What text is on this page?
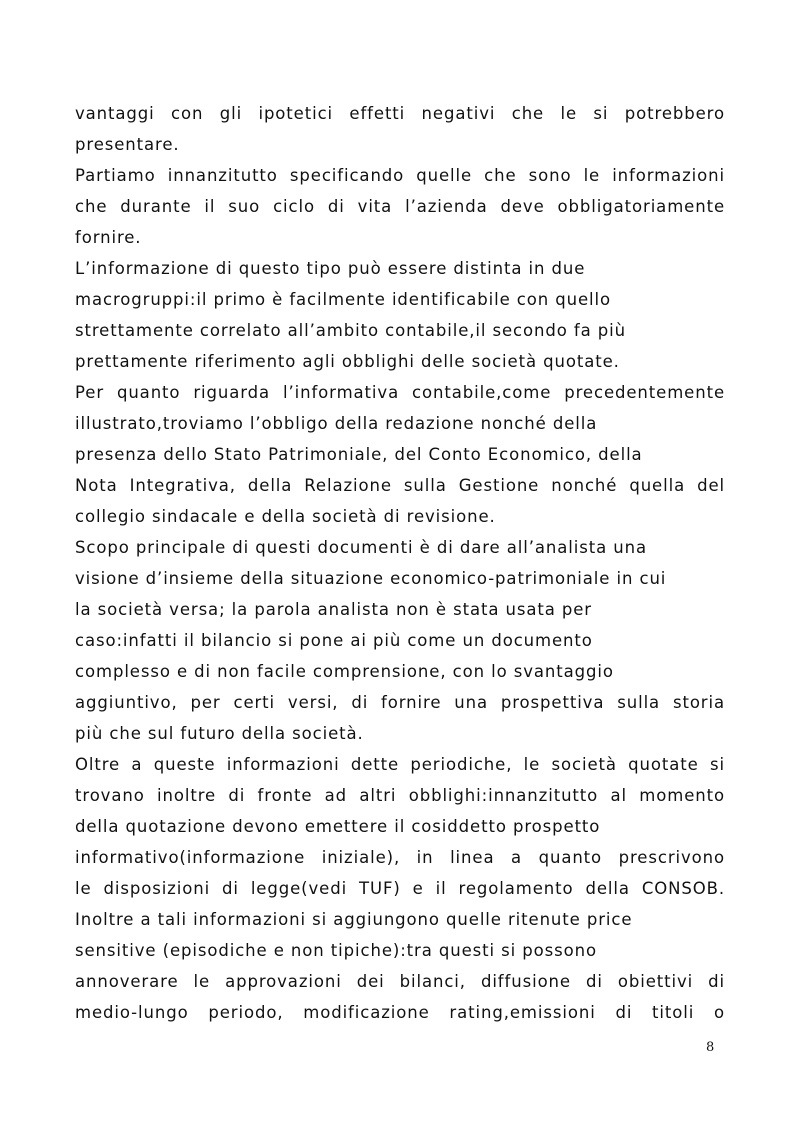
vantaggi con gli ipotetici effetti negativi che le si potrebbero
presentare.
Partiamo innanzitutto specificando quelle che sono le informazioni
che durante il suo ciclo di vita l’azienda deve obbligatoriamente
fornire.
L’informazione di questo tipo può essere distinta in due
macrogruppi:il primo è facilmente identificabile con quello
strettamente correlato all’ambito contabile,il secondo fa più
prettamente riferimento agli obblighi delle società quotate.
Per quanto riguarda l’informativa contabile,come precedentemente
illustrato,troviamo l’obbligo della redazione nonché della
presenza dello Stato Patrimoniale, del Conto Economico, della
Nota Integrativa, della Relazione sulla Gestione nonché quella del
collegio sindacale e della società di revisione.
Scopo principale di questi documenti è di dare all’analista una
visione d’insieme della situazione economico-patrimoniale in cui
la società versa; la parola analista non è stata usata per
caso:infatti il bilancio si pone ai più come un documento
complesso e di non facile comprensione, con lo svantaggio
aggiuntivo, per certi versi, di fornire una prospettiva sulla storia
più che sul futuro della società.
Oltre a queste informazioni dette periodiche, le società quotate si
trovano inoltre di fronte ad altri obblighi:innanzitutto al momento
della quotazione devono emettere il cosiddetto prospetto
informativo(informazione iniziale), in linea a quanto prescrivono
le disposizioni di legge(vedi TUF) e il regolamento della CONSOB.
Inoltre a tali informazioni si aggiungono quelle ritenute price
sensitive (episodiche e non tipiche):tra questi si possono
annoverare le approvazioni dei bilanci, diffusione di obiettivi di
medio-lungo periodo, modificazione rating,emissioni di titoli o
8
